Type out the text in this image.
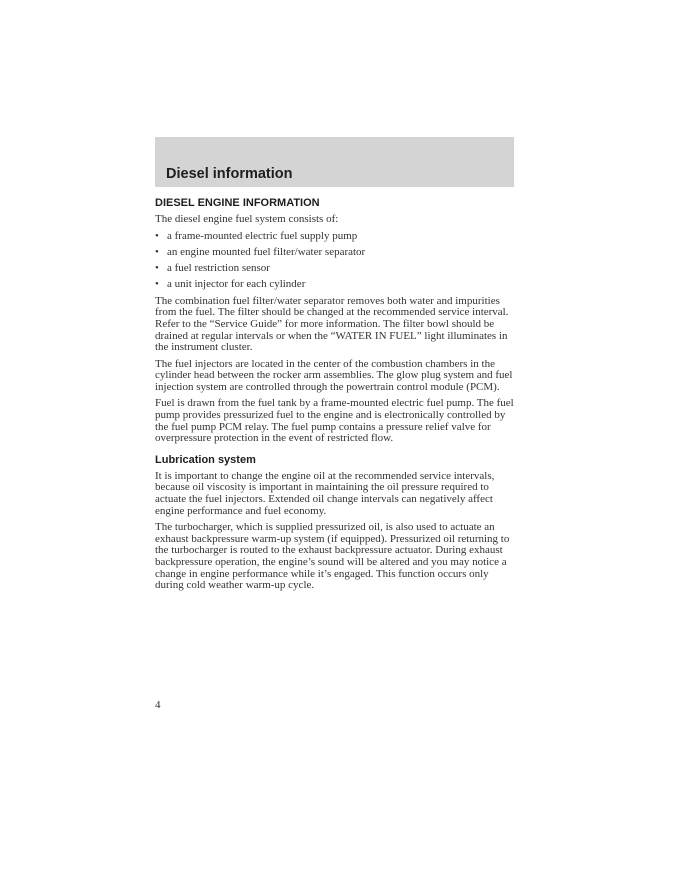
Diesel information
DIESEL ENGINE INFORMATION

The diesel engine fuel system consists of:

• a frame-mounted electric fuel supply pump
• an engine mounted fuel filter/water separator
• a fuel restriction sensor
• a unit injector for each cylinder

The combination fuel filter/water separator removes both water and impurities from the fuel. The filter should be changed at the recommended service interval. Refer to the “Service Guide” for more information. The filter bowl should be drained at regular intervals or when the “WATER IN FUEL” light illuminates in the instrument cluster.

The fuel injectors are located in the center of the combustion chambers in the cylinder head between the rocker arm assemblies. The glow plug system and fuel injection system are controlled through the powertrain control module (PCM).

Fuel is drawn from the fuel tank by a frame-mounted electric fuel pump. The fuel pump provides pressurized fuel to the engine and is electronically controlled by the fuel pump PCM relay. The fuel pump contains a pressure relief valve for overpressure protection in the event of restricted flow.

Lubrication system

It is important to change the engine oil at the recommended service intervals, because oil viscosity is important in maintaining the oil pressure required to actuate the fuel injectors. Extended oil change intervals can negatively affect engine performance and fuel economy.

The turbocharger, which is supplied pressurized oil, is also used to actuate an exhaust backpressure warm-up system (if equipped). Pressurized oil returning to the turbocharger is routed to the exhaust backpressure actuator. During exhaust backpressure operation, the engine’s sound will be altered and you may notice a change in engine performance while it’s engaged. This function occurs only during cold weather warm-up cycle.

4
